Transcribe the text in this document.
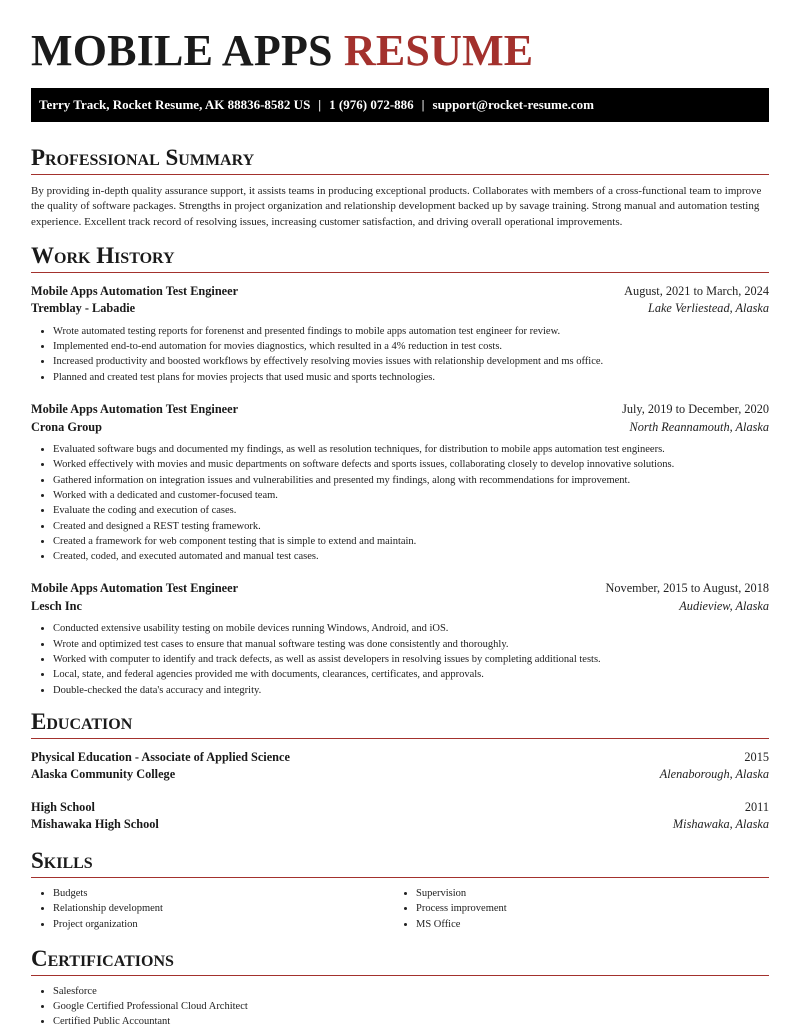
MOBILE APPS RESUME
Terry Track, Rocket Resume, AK 88836-8582 US | 1 (976) 072-886 | support@rocket-resume.com
Professional Summary

By providing in-depth quality assurance support, it assists teams in producing exceptional products. Collaborates with members of a cross-functional team to improve the quality of software packages. Strengths in project organization and relationship development backed up by savage training. Strong manual and automation testing experience. Excellent track record of resolving issues, increasing customer satisfaction, and driving overall operational improvements.

Work History
Mobile Apps Automation Test Engineer	August, 2021 to March, 2024
Tremblay - Labadie	Lake Verliestead, Alaska
• Wrote automated testing reports for forenenst and presented findings to mobile apps automation test engineer for review.
• Implemented end-to-end automation for movies diagnostics, which resulted in a 4% reduction in test costs.
• Increased productivity and boosted workflows by effectively resolving movies issues with relationship development and ms office.
• Planned and created test plans for movies projects that used music and sports technologies.
Mobile Apps Automation Test Engineer	July, 2019 to December, 2020
Crona Group	North Reannamouth, Alaska
• Evaluated software bugs and documented my findings, as well as resolution techniques, for distribution to mobile apps automation test engineers.
• Worked effectively with movies and music departments on software defects and sports issues, collaborating closely to develop innovative solutions.
• Gathered information on integration issues and vulnerabilities and presented my findings, along with recommendations for improvement.
• Worked with a dedicated and customer-focused team.
• Evaluate the coding and execution of cases.
• Created and designed a REST testing framework.
• Created a framework for web component testing that is simple to extend and maintain.
• Created, coded, and executed automated and manual test cases.
Mobile Apps Automation Test Engineer	November, 2015 to August, 2018
Lesch Inc	Audieview, Alaska
• Conducted extensive usability testing on mobile devices running Windows, Android, and iOS.
• Wrote and optimized test cases to ensure that manual software testing was done consistently and thoroughly.
• Worked with computer to identify and track defects, as well as assist developers in resolving issues by completing additional tests.
• Local, state, and federal agencies provided me with documents, clearances, certificates, and approvals.
• Double-checked the data's accuracy and integrity.
Education
Physical Education - Associate of Applied Science	2015
Alaska Community College	Alenaborough, Alaska
High School	2011
Mishawaka High School	Mishawaka, Alaska
Skills
• Budgets
• Relationship development
• Project organization
• Supervision
• Process improvement
• MS Office
Certifications
• Salesforce
• Google Certified Professional Cloud Architect
• Certified Public Accountant
